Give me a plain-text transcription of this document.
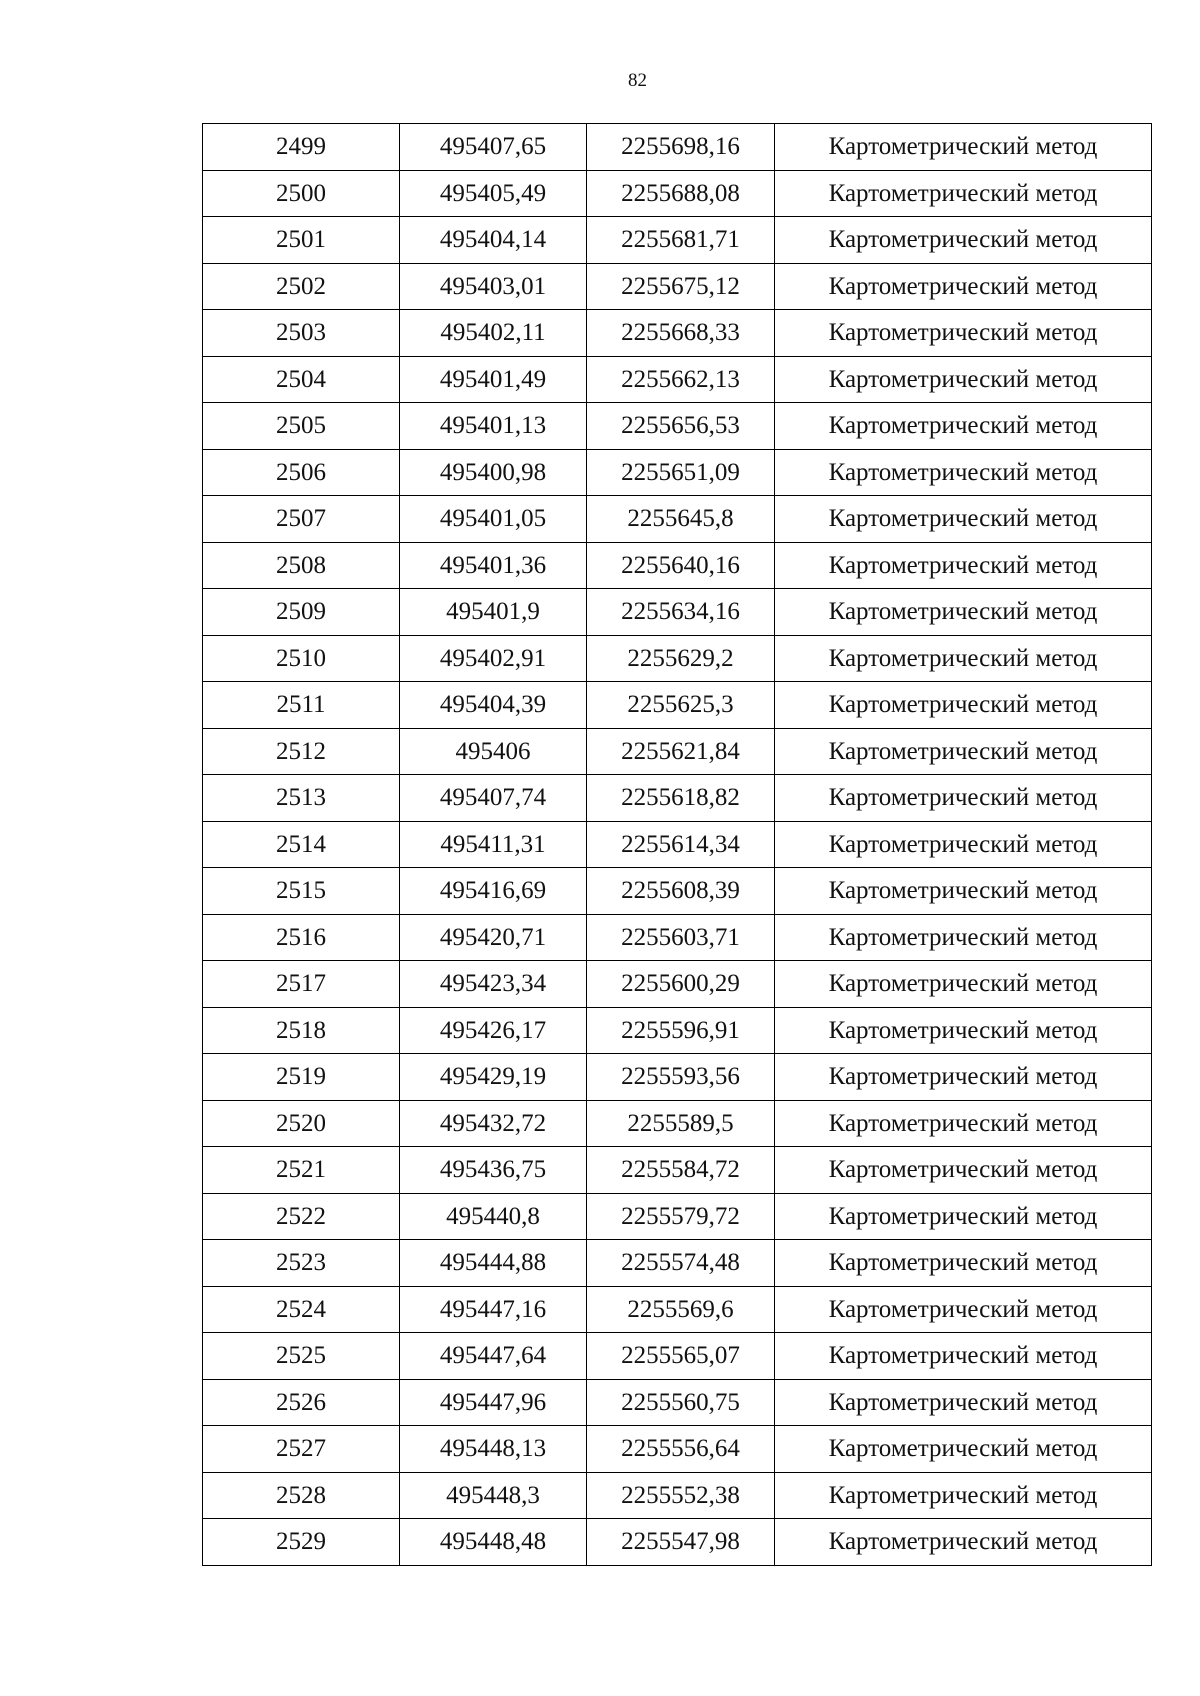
82
2499	495407,65	2255698,16	Картометрический метод
2500	495405,49	2255688,08	Картометрический метод
2501	495404,14	2255681,71	Картометрический метод
2502	495403,01	2255675,12	Картометрический метод
2503	495402,11	2255668,33	Картометрический метод
2504	495401,49	2255662,13	Картометрический метод
2505	495401,13	2255656,53	Картометрический метод
2506	495400,98	2255651,09	Картометрический метод
2507	495401,05	2255645,8	Картометрический метод
2508	495401,36	2255640,16	Картометрический метод
2509	495401,9	2255634,16	Картометрический метод
2510	495402,91	2255629,2	Картометрический метод
2511	495404,39	2255625,3	Картометрический метод
2512	495406	2255621,84	Картометрический метод
2513	495407,74	2255618,82	Картометрический метод
2514	495411,31	2255614,34	Картометрический метод
2515	495416,69	2255608,39	Картометрический метод
2516	495420,71	2255603,71	Картометрический метод
2517	495423,34	2255600,29	Картометрический метод
2518	495426,17	2255596,91	Картометрический метод
2519	495429,19	2255593,56	Картометрический метод
2520	495432,72	2255589,5	Картометрический метод
2521	495436,75	2255584,72	Картометрический метод
2522	495440,8	2255579,72	Картометрический метод
2523	495444,88	2255574,48	Картометрический метод
2524	495447,16	2255569,6	Картометрический метод
2525	495447,64	2255565,07	Картометрический метод
2526	495447,96	2255560,75	Картометрический метод
2527	495448,13	2255556,64	Картометрический метод
2528	495448,3	2255552,38	Картометрический метод
2529	495448,48	2255547,98	Картометрический метод
